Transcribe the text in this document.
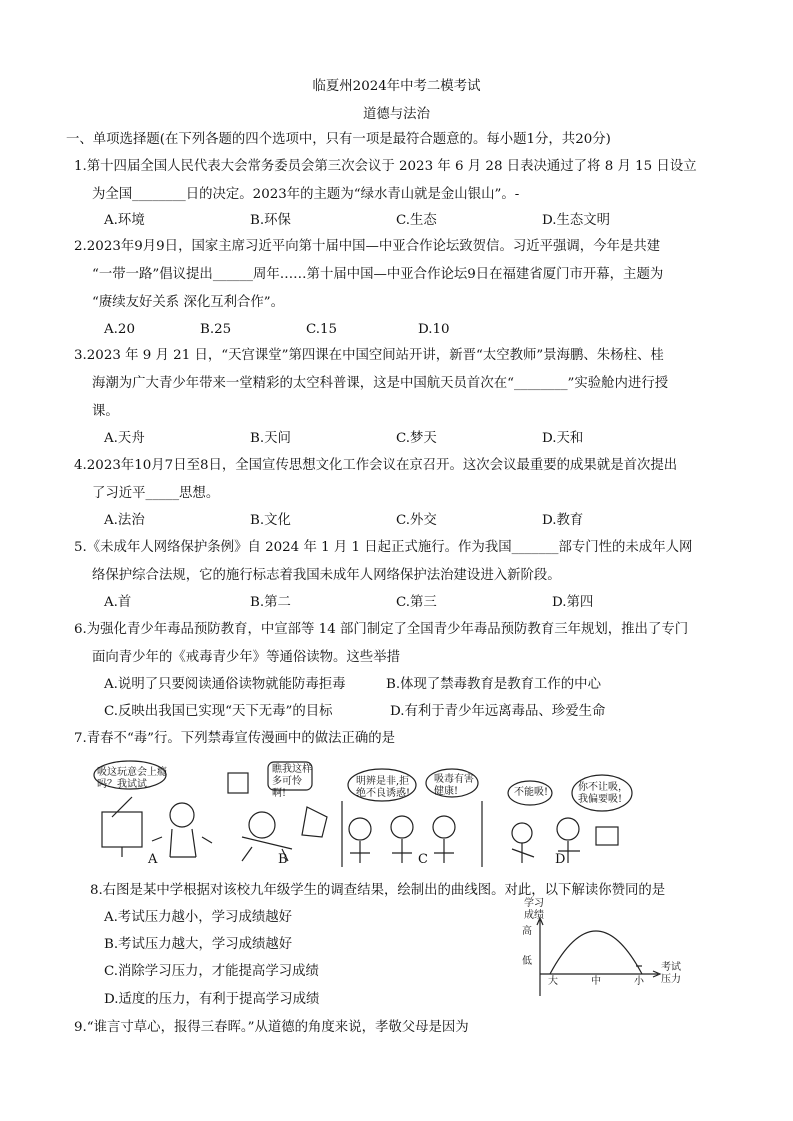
临夏州2024年中考二模考试
道德与法治
一、单项选择题(在下列各题的四个选项中，只有一项是最符合题意的。每小题1分，共20分)
1.第十四届全国人民代表大会常务委员会第三次会议于 2023 年 6 月 28 日表决通过了将 8 月 15 日设立
为全国________日的决定。2023年的主题为“绿水青山就是金山银山”。-
A.环境	B.环保	C.生态	D.生态文明
2.2023年9月9日，国家主席习近平向第十届中国—中亚合作论坛致贺信。习近平强调，今年是共建
“一带一路”倡议提出______周年……第十届中国—中亚合作论坛9日在福建省厦门市开幕，主题为
“赓续友好关系 深化互利合作”。
A.20	B.25	C.15	D.10
3.2023 年 9 月 21 日，“天宫课堂”第四课在中国空间站开讲，新晋“太空教师”景海鹏、朱杨柱、桂
海潮为广大青少年带来一堂精彩的太空科普课，这是中国航天员首次在“________”实验舱内进行授
课。
A.天舟	B.天问	C.梦天	D.天和
4.2023年10月7日至8日，全国宣传思想文化工作会议在京召开。这次会议最重要的成果就是首次提出
了习近平_____思想。
A.法治	B.文化	C.外交	D.教育
5.《未成年人网络保护条例》自 2024 年 1 月 1 日起正式施行。作为我国_______部专门性的未成年人网
络保护综合法规，它的施行标志着我国未成年人网络保护法治建设进入新阶段。
A.首	B.第二	C.第三	D.第四
6.为强化青少年毒品预防教育，中宣部等 14 部门制定了全国青少年毒品预防教育三年规划，推出了专门
面向青少年的《戒毒青少年》等通俗读物。这些举措
A.说明了只要阅读通俗读物就能防毒拒毒	B.体现了禁毒教育是教育工作的中心
C.反映出我国已实现“天下无毒”的目标	D.有利于青少年远离毒品、珍爱生命
7.青春不“毒”行。下列禁毒宣传漫画中的做法正确的是
吸这玩意会上瘾吗？我试试
瞧我这样多可怜啊!
明辨是非,拒绝不良诱惑!
吸毒有害健康!	不能吸!	你不让吸，我偏要吸!
A	B	C	D
8.右图是某中学根据对该校九年级学生的调查结果，绘制出的曲线图。对此，以下解读你赞同的是
A.考试压力越小，学习成绩越好
B.考试压力越大，学习成绩越好
C.消除学习压力，才能提高学习成绩
D.适度的压力，有利于提高学习成绩
学习成绩
高
低
大	中	小
考试压力
9.“谁言寸草心，报得三春晖。”从道德的角度来说，孝敬父母是因为
